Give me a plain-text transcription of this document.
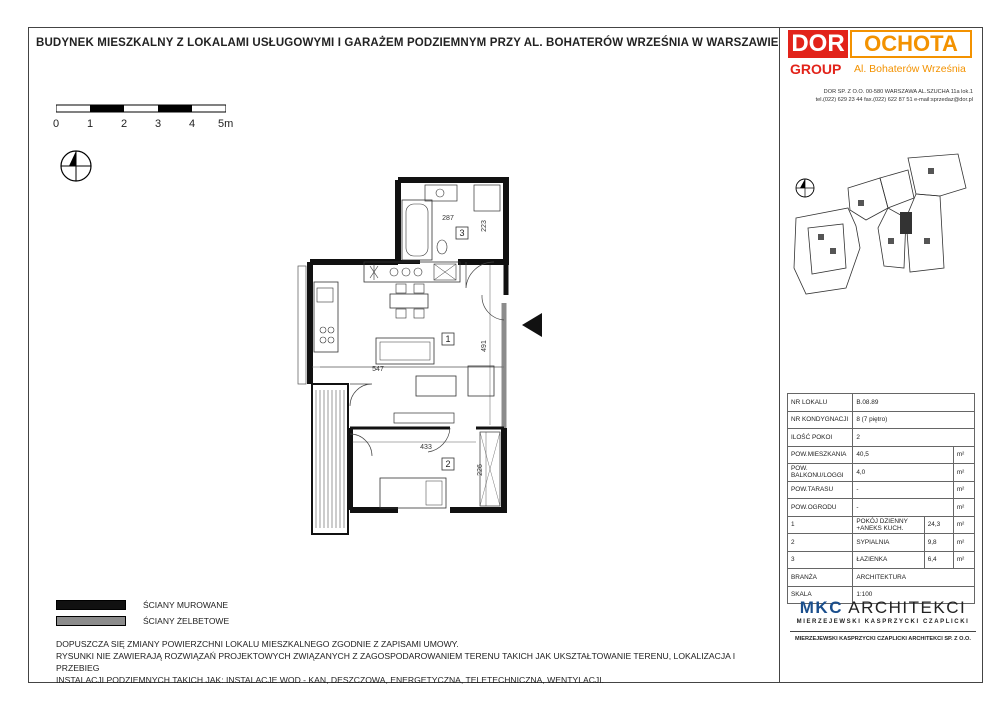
BUDYNEK MIESZKALNY Z LOKALAMI USŁUGOWYMI I GARAŻEM PODZIEMNYM PRZY AL. BOHATERÓW WRZEŚNIA W WARSZAWIE
0	1	2	3	4 5m
1
2
3
287
223
547
491
433
226
ŚCIANY MUROWANE
ŚCIANY ŻELBETOWE
DOPUSZCZA SIĘ ZMIANY POWIERZCHNI LOKALU MIESZKALNEGO ZGODNIE Z ZAPISAMI UMOWY.
RYSUNKI NIE ZAWIERAJĄ ROZWIĄZAŃ PROJEKTOWYCH ZWIĄZANYCH Z ZAGOSPODAROWANIEM TERENU TAKICH JAK UKSZTAŁTOWANIE TERENU, LOKALIZACJA I PRZEBIEG
INSTALACJI PODZIEMNYCH TAKICH JAK: INSTALACJE WOD - KAN, DESZCZOWA, ENERGETYCZNA, TELETECHNICZNA, WENTYLACJI.
DOR OCHOTA
GROUP Al. Bohaterów Września
DOR SP. Z O.O. 00-580 WARSZAWA AL.SZUCHA 11a lok.1
tel.(022) 629 23 44 fax.(022) 622 87 51 e-mail:sprzedaz@dor.pl
NR LOKALU	B.08.89		
NR KONDYGNACJI	8 (7 piętro)		
ILOŚĆ POKOI	2		
POW.MIESZKANIA	40,5		m²
POW. BALKONU/LOGGI	4,0		m²
POW.TARASU	-		m²
POW.OGRODU	-		m²
1	POKÓJ DZIENNY +ANEKS KUCH.	24,3	m²
2	SYPIALNIA	9,8	m²
3	ŁAZIENKA	6,4	m²
BRANŻA	ARCHITEKTURA		
SKALA	1:100		
MKC ARCHITEKCI
MIERZEJEWSKI KASPRZYCKI CZAPLICKI
MIERZEJEWSKI KASPRZYCKI CZAPLICKI ARCHITEKCI SP. Z O.O.
